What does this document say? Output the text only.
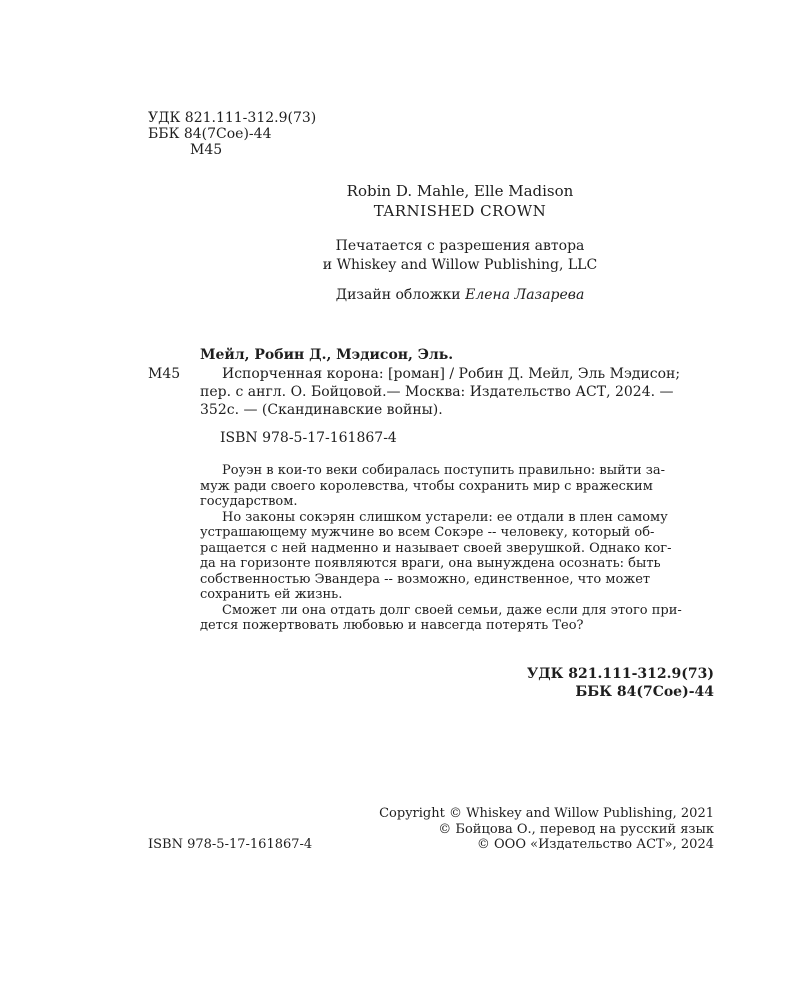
УДК 821.111-312.9(73)
ББК 84(7Сое)-44
М45
Robin D. Mahle, Elle Madison
TARNISHED CROWN
Печатается с разрешения автора
и Whiskey and Willow Publishing, LLC
Дизайн обложки Елена Лазарева
Мейл, Робин Д., Мэдисон, Эль.
М45	Испорченная корона: [роман] / Робин Д. Мейл, Эль Мэдисон;
пер. с англ. О. Бойцовой.— Москва: Издательство АСТ, 2024. —
352с. — (Скандинавские войны).
ISBN 978-5-17-161867-4
Роуэн в кои-то веки собиралась поступить правильно: выйти за-
муж ради своего королевства, чтобы сохранить мир с вражеским
государством.
Но законы сокэрян слишком устарели: ее отдали в плен самому
устрашающему мужчине во всем Сокэре -- человеку, который об-
ращается с ней надменно и называет своей зверушкой. Однако ког-
да на горизонте появляются враги, она вынуждена осознать: быть
собственностью Эвандера -- возможно, единственное, что может
сохранить ей жизнь.
Сможет ли она отдать долг своей семьи, даже если для этого при-
дется пожертвовать любовью и навсегда потерять Тео?
УДК 821.111-312.9(73)
ББК 84(7Сое)-44
ISBN 978-5-17-161867-4
Copyright © Whiskey and Willow Publishing, 2021
© Бойцова О., перевод на русский язык
© ООО «Издательство АСТ», 2024
